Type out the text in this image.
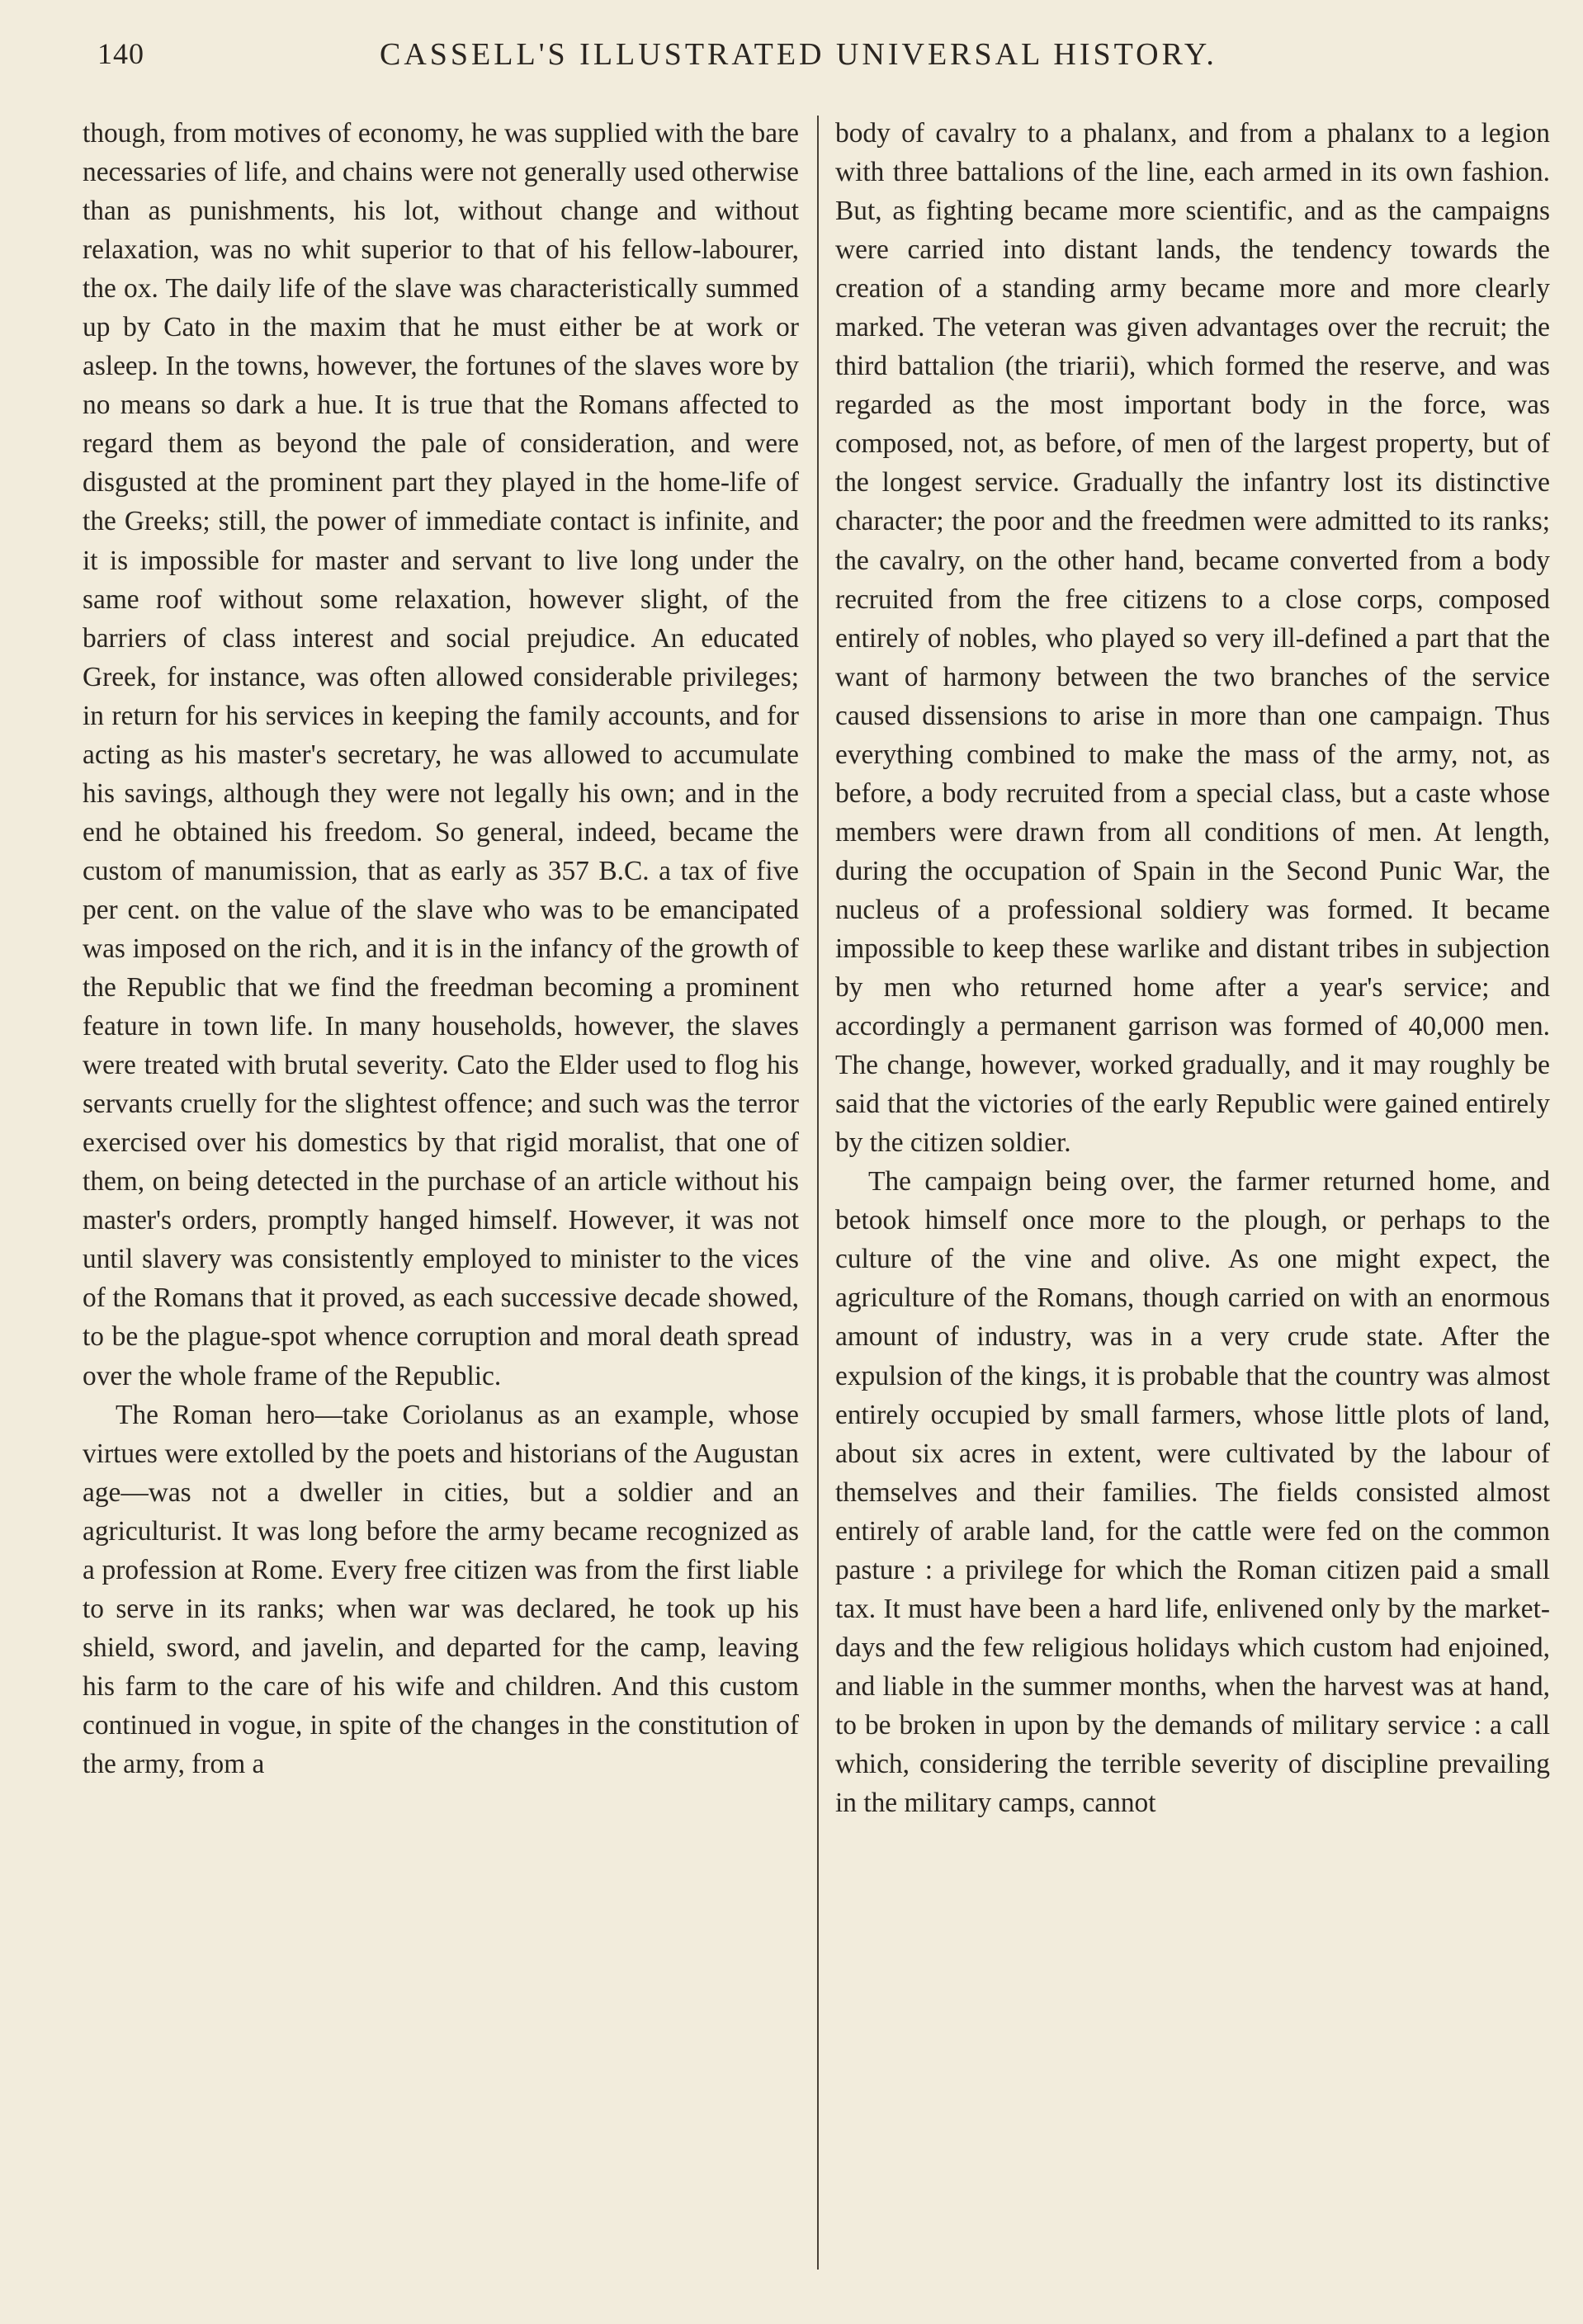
140	CASSELL'S ILLUSTRATED UNIVERSAL HISTORY.

though, from motives of economy, he was supplied with the bare necessaries of life, and chains were not generally used otherwise than as punishments, his lot, without change and without relaxation, was no whit superior to that of his fellow-labourer, the ox. The daily life of the slave was characteristically summed up by Cato in the maxim that he must either be at work or asleep. In the towns, however, the fortunes of the slaves wore by no means so dark a hue. It is true that the Romans affected to regard them as beyond the pale of consideration, and were disgusted at the prominent part they played in the home-life of the Greeks; still, the power of immediate contact is infinite, and it is impossible for master and servant to live long under the same roof without some relaxation, however slight, of the barriers of class interest and social prejudice. An educated Greek, for instance, was often allowed considerable privileges; in return for his services in keeping the family accounts, and for acting as his master's secretary, he was allowed to accumulate his savings, although they were not legally his own; and in the end he obtained his freedom. So general, indeed, became the custom of manumission, that as early as 357 B.C. a tax of five per cent. on the value of the slave who was to be emancipated was imposed on the rich, and it is in the infancy of the growth of the Republic that we find the freedman becoming a prominent feature in town life. In many households, however, the slaves were treated with brutal severity. Cato the Elder used to flog his servants cruelly for the slightest offence; and such was the terror exercised over his domestics by that rigid moralist, that one of them, on being detected in the purchase of an article without his master's orders, promptly hanged himself. However, it was not until slavery was consistently employed to minister to the vices of the Romans that it proved, as each successive decade showed, to be the plague-spot whence corruption and moral death spread over the whole frame of the Republic.

The Roman hero—take Coriolanus as an example, whose virtues were extolled by the poets and historians of the Augustan age—was not a dweller in cities, but a soldier and an agriculturist. It was long before the army became recognized as a profession at Rome. Every free citizen was from the first liable to serve in its ranks; when war was declared, he took up his shield, sword, and javelin, and departed for the camp, leaving his farm to the care of his wife and children. And this custom continued in vogue, in spite of the changes in the constitution of the army, from a

body of cavalry to a phalanx, and from a phalanx to a legion with three battalions of the line, each armed in its own fashion. But, as fighting became more scientific, and as the campaigns were carried into distant lands, the tendency towards the creation of a standing army became more and more clearly marked. The veteran was given advantages over the recruit; the third battalion (the triarii), which formed the reserve, and was regarded as the most important body in the force, was composed, not, as before, of men of the largest property, but of the longest service. Gradually the infantry lost its distinctive character; the poor and the freedmen were admitted to its ranks; the cavalry, on the other hand, became converted from a body recruited from the free citizens to a close corps, composed entirely of nobles, who played so very ill-defined a part that the want of harmony between the two branches of the service caused dissensions to arise in more than one campaign. Thus everything combined to make the mass of the army, not, as before, a body recruited from a special class, but a caste whose members were drawn from all conditions of men. At length, during the occupation of Spain in the Second Punic War, the nucleus of a professional soldiery was formed. It became impossible to keep these warlike and distant tribes in subjection by men who returned home after a year's service; and accordingly a permanent garrison was formed of 40,000 men. The change, however, worked gradually, and it may roughly be said that the victories of the early Republic were gained entirely by the citizen soldier.

The campaign being over, the farmer returned home, and betook himself once more to the plough, or perhaps to the culture of the vine and olive. As one might expect, the agriculture of the Romans, though carried on with an enormous amount of industry, was in a very crude state. After the expulsion of the kings, it is probable that the country was almost entirely occupied by small farmers, whose little plots of land, about six acres in extent, were cultivated by the labour of themselves and their families. The fields consisted almost entirely of arable land, for the cattle were fed on the common pasture : a privilege for which the Roman citizen paid a small tax. It must have been a hard life, enlivened only by the market-days and the few religious holidays which custom had enjoined, and liable in the summer months, when the harvest was at hand, to be broken in upon by the demands of military service : a call which, considering the terrible severity of discipline prevailing in the military camps, cannot
